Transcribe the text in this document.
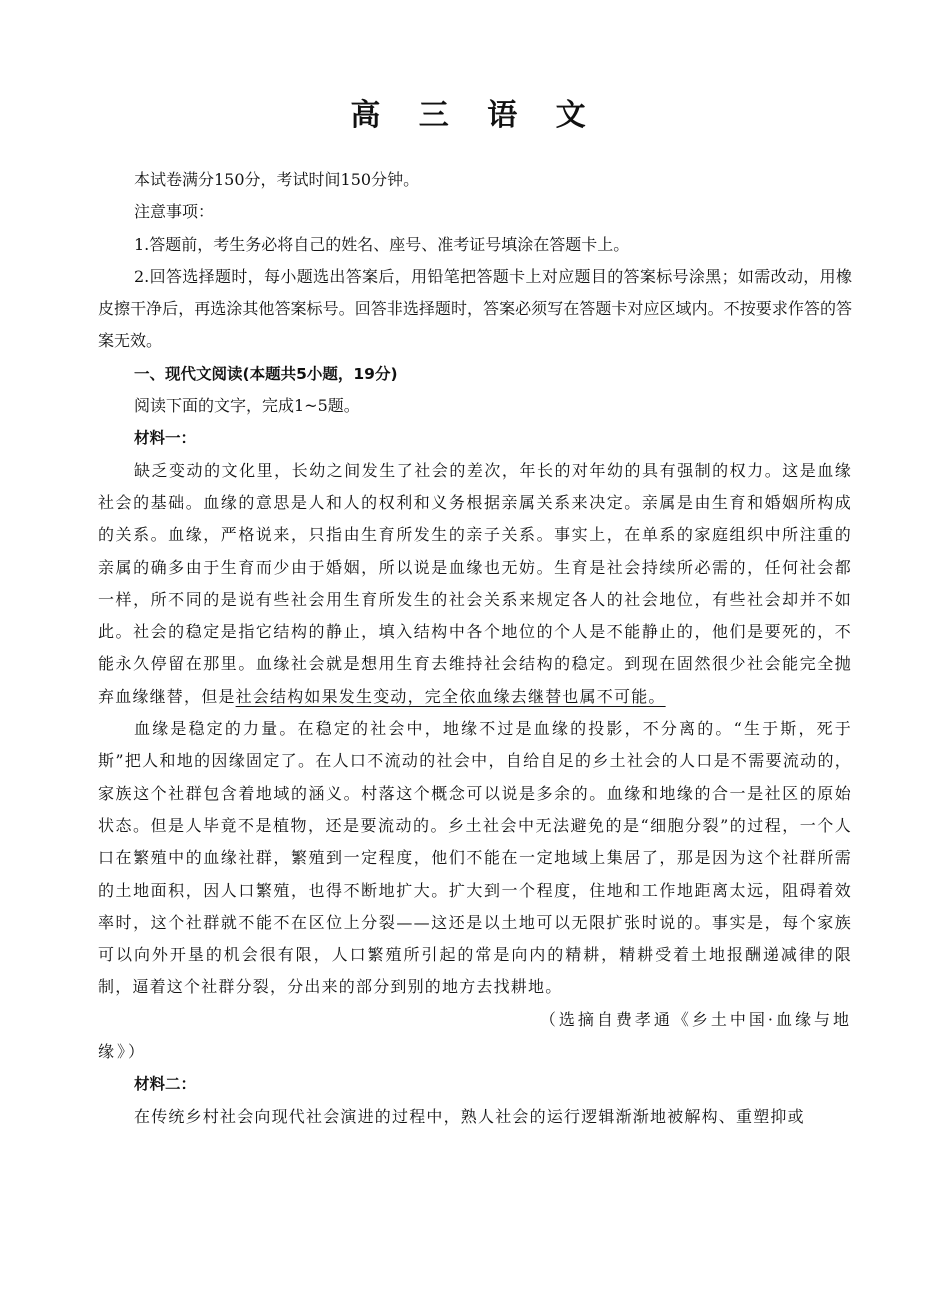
高 三 语 文

本试卷满分150分，考试时间150分钟。

注意事项：

1.答题前，考生务必将自己的姓名、座号、准考证号填涂在答题卡上。

2.回答选择题时，每小题选出答案后，用铅笔把答题卡上对应题目的答案标号涂黑；如需改动，用橡皮擦干净后，再选涂其他答案标号。回答非选择题时，答案必须写在答题卡对应区域内。不按要求作答的答案无效。

一、现代文阅读(本题共5小题，19分)

阅读下面的文字，完成1~5题。

材料一：

缺乏变动的文化里，长幼之间发生了社会的差次，年长的对年幼的具有强制的权力。这是血缘社会的基础。血缘的意思是人和人的权利和义务根据亲属关系来决定。亲属是由生育和婚姻所构成的关系。血缘，严格说来，只指由生育所发生的亲子关系。事实上，在单系的家庭组织中所注重的亲属的确多由于生育而少由于婚姻，所以说是血缘也无妨。生育是社会持续所必需的，任何社会都一样，所不同的是说有些社会用生育所发生的社会关系来规定各人的社会地位，有些社会却并不如此。社会的稳定是指它结构的静止，填入结构中各个地位的个人是不能静止的，他们是要死的，不能永久停留在那里。血缘社会就是想用生育去维持社会结构的稳定。到现在固然很少社会能完全抛弃血缘继替，但是社会结构如果发生变动，完全依血缘去继替也属不可能。

血缘是稳定的力量。在稳定的社会中，地缘不过是血缘的投影，不分离的。“生于斯，死于斯”把人和地的因缘固定了。在人口不流动的社会中，自给自足的乡土社会的人口是不需要流动的，家族这个社群包含着地域的涵义。村落这个概念可以说是多余的。血缘和地缘的合一是社区的原始状态。但是人毕竟不是植物，还是要流动的。乡土社会中无法避免的是“细胞分裂”的过程，一个人口在繁殖中的血缘社群，繁殖到一定程度，他们不能在一定地域上集居了，那是因为这个社群所需的土地面积，因人口繁殖，也得不断地扩大。扩大到一个程度，住地和工作地距离太远，阻碍着效率时，这个社群就不能不在区位上分裂——这还是以土地可以无限扩张时说的。事实是，每个家族可以向外开垦的机会很有限，人口繁殖所引起的常是向内的精耕，精耕受着土地报酬递减律的限制，逼着这个社群分裂，分出来的部分到别的地方去找耕地。

（选摘自费孝通《乡土中国·血缘与地

缘》）

材料二：

在传统乡村社会向现代社会演进的过程中，熟人社会的运行逻辑渐渐地被解构、重塑抑或
